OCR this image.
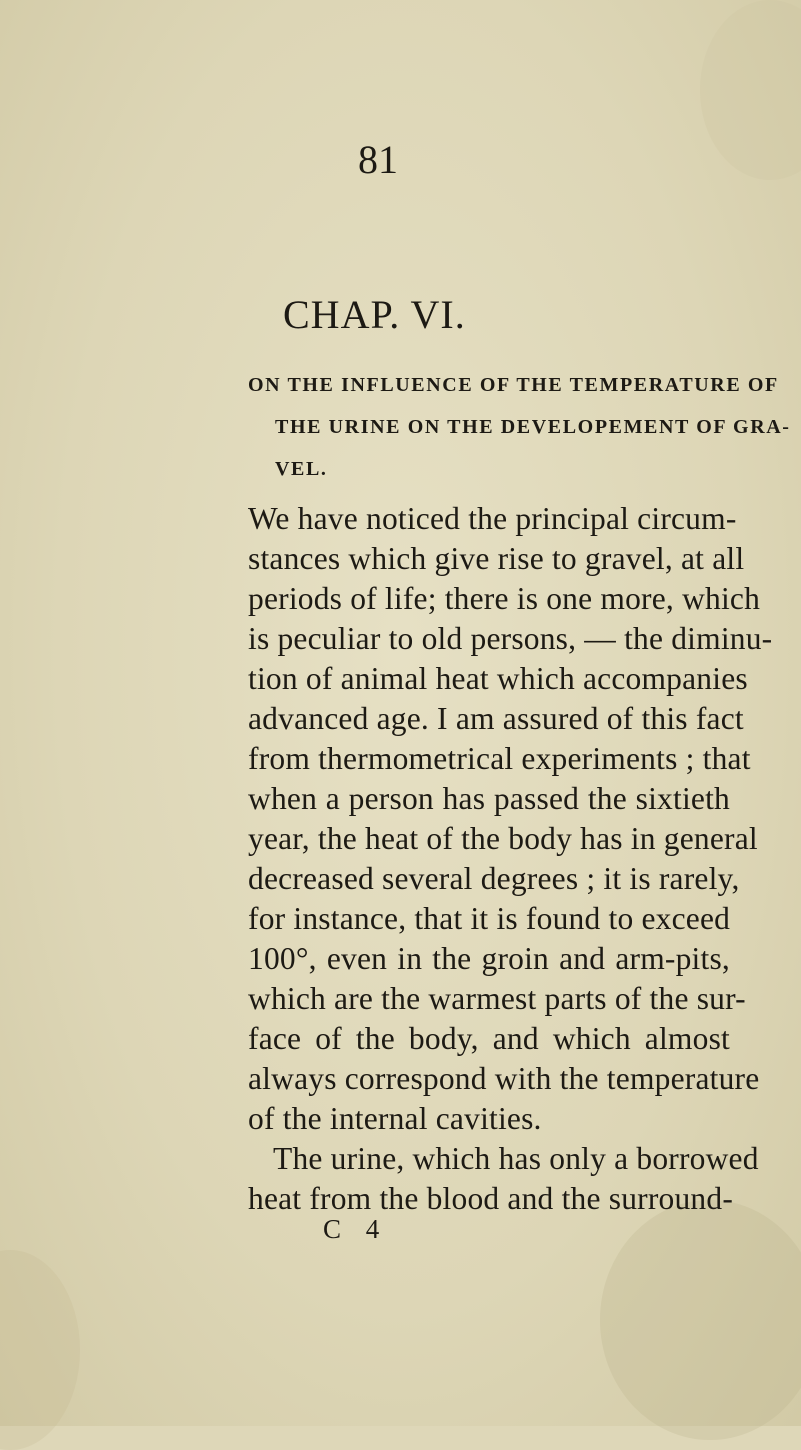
81
CHAP. VI.
ON THE INFLUENCE OF THE TEMPERATURE OF
THE URINE ON THE DEVELOPEMENT OF GRA-
VEL.
We have noticed the principal circum-
stances which give rise to gravel, at all
periods of life; there is one more, which
is peculiar to old persons, — the diminu-
tion of animal heat which accompanies
advanced age. I am assured of this fact
from thermometrical experiments ; that
when a person has passed the sixtieth
year, the heat of the body has in general
decreased several degrees ; it is rarely,
for instance, that it is found to exceed
100°, even in the groin and arm-pits,
which are the warmest parts of the sur-
face of the body, and which almost
always correspond with the temperature
of the internal cavities.
The urine, which has only a borrowed
heat from the blood and the surround-
C 4
